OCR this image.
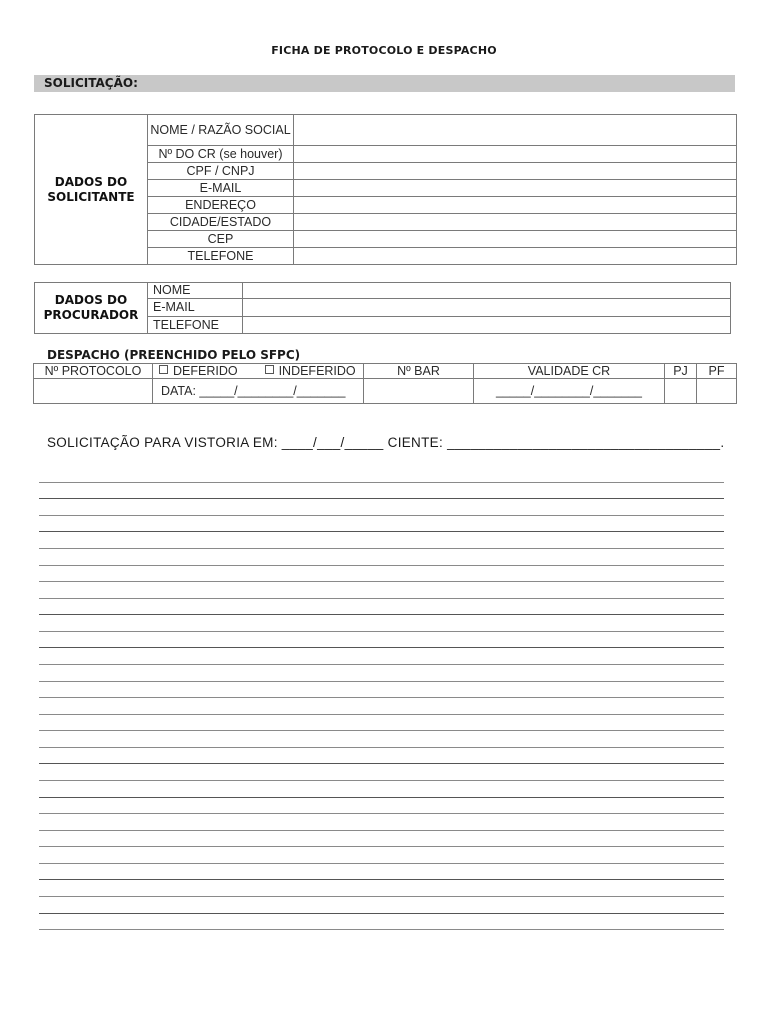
FICHA DE PROTOCOLO E DESPACHO
SOLICITAÇÃO:
DADOS DO
SOLICITANTE	NOME / RAZÃO SOCIAL	
	Nº DO CR (se houver)	
	CPF / CNPJ	
	E-MAIL	
	ENDEREÇO	
	CIDADE/ESTADO	
	CEP	
	TELEFONE	
DADOS DO
PROCURADOR	NOME	
	E-MAIL	
	TELEFONE	
DESPACHO (PREENCHIDO PELO SFPC)
Nº PROTOCOLO	DEFERIDO INDEFERIDO	Nº BAR	VALIDADE CR	PJ	PF
	DATA: _____/________/_______		_____/________/_______		
SOLICITAÇÃO PARA VISTORIA EM: ____/___/_____ CIENTE: ___________________________________.
